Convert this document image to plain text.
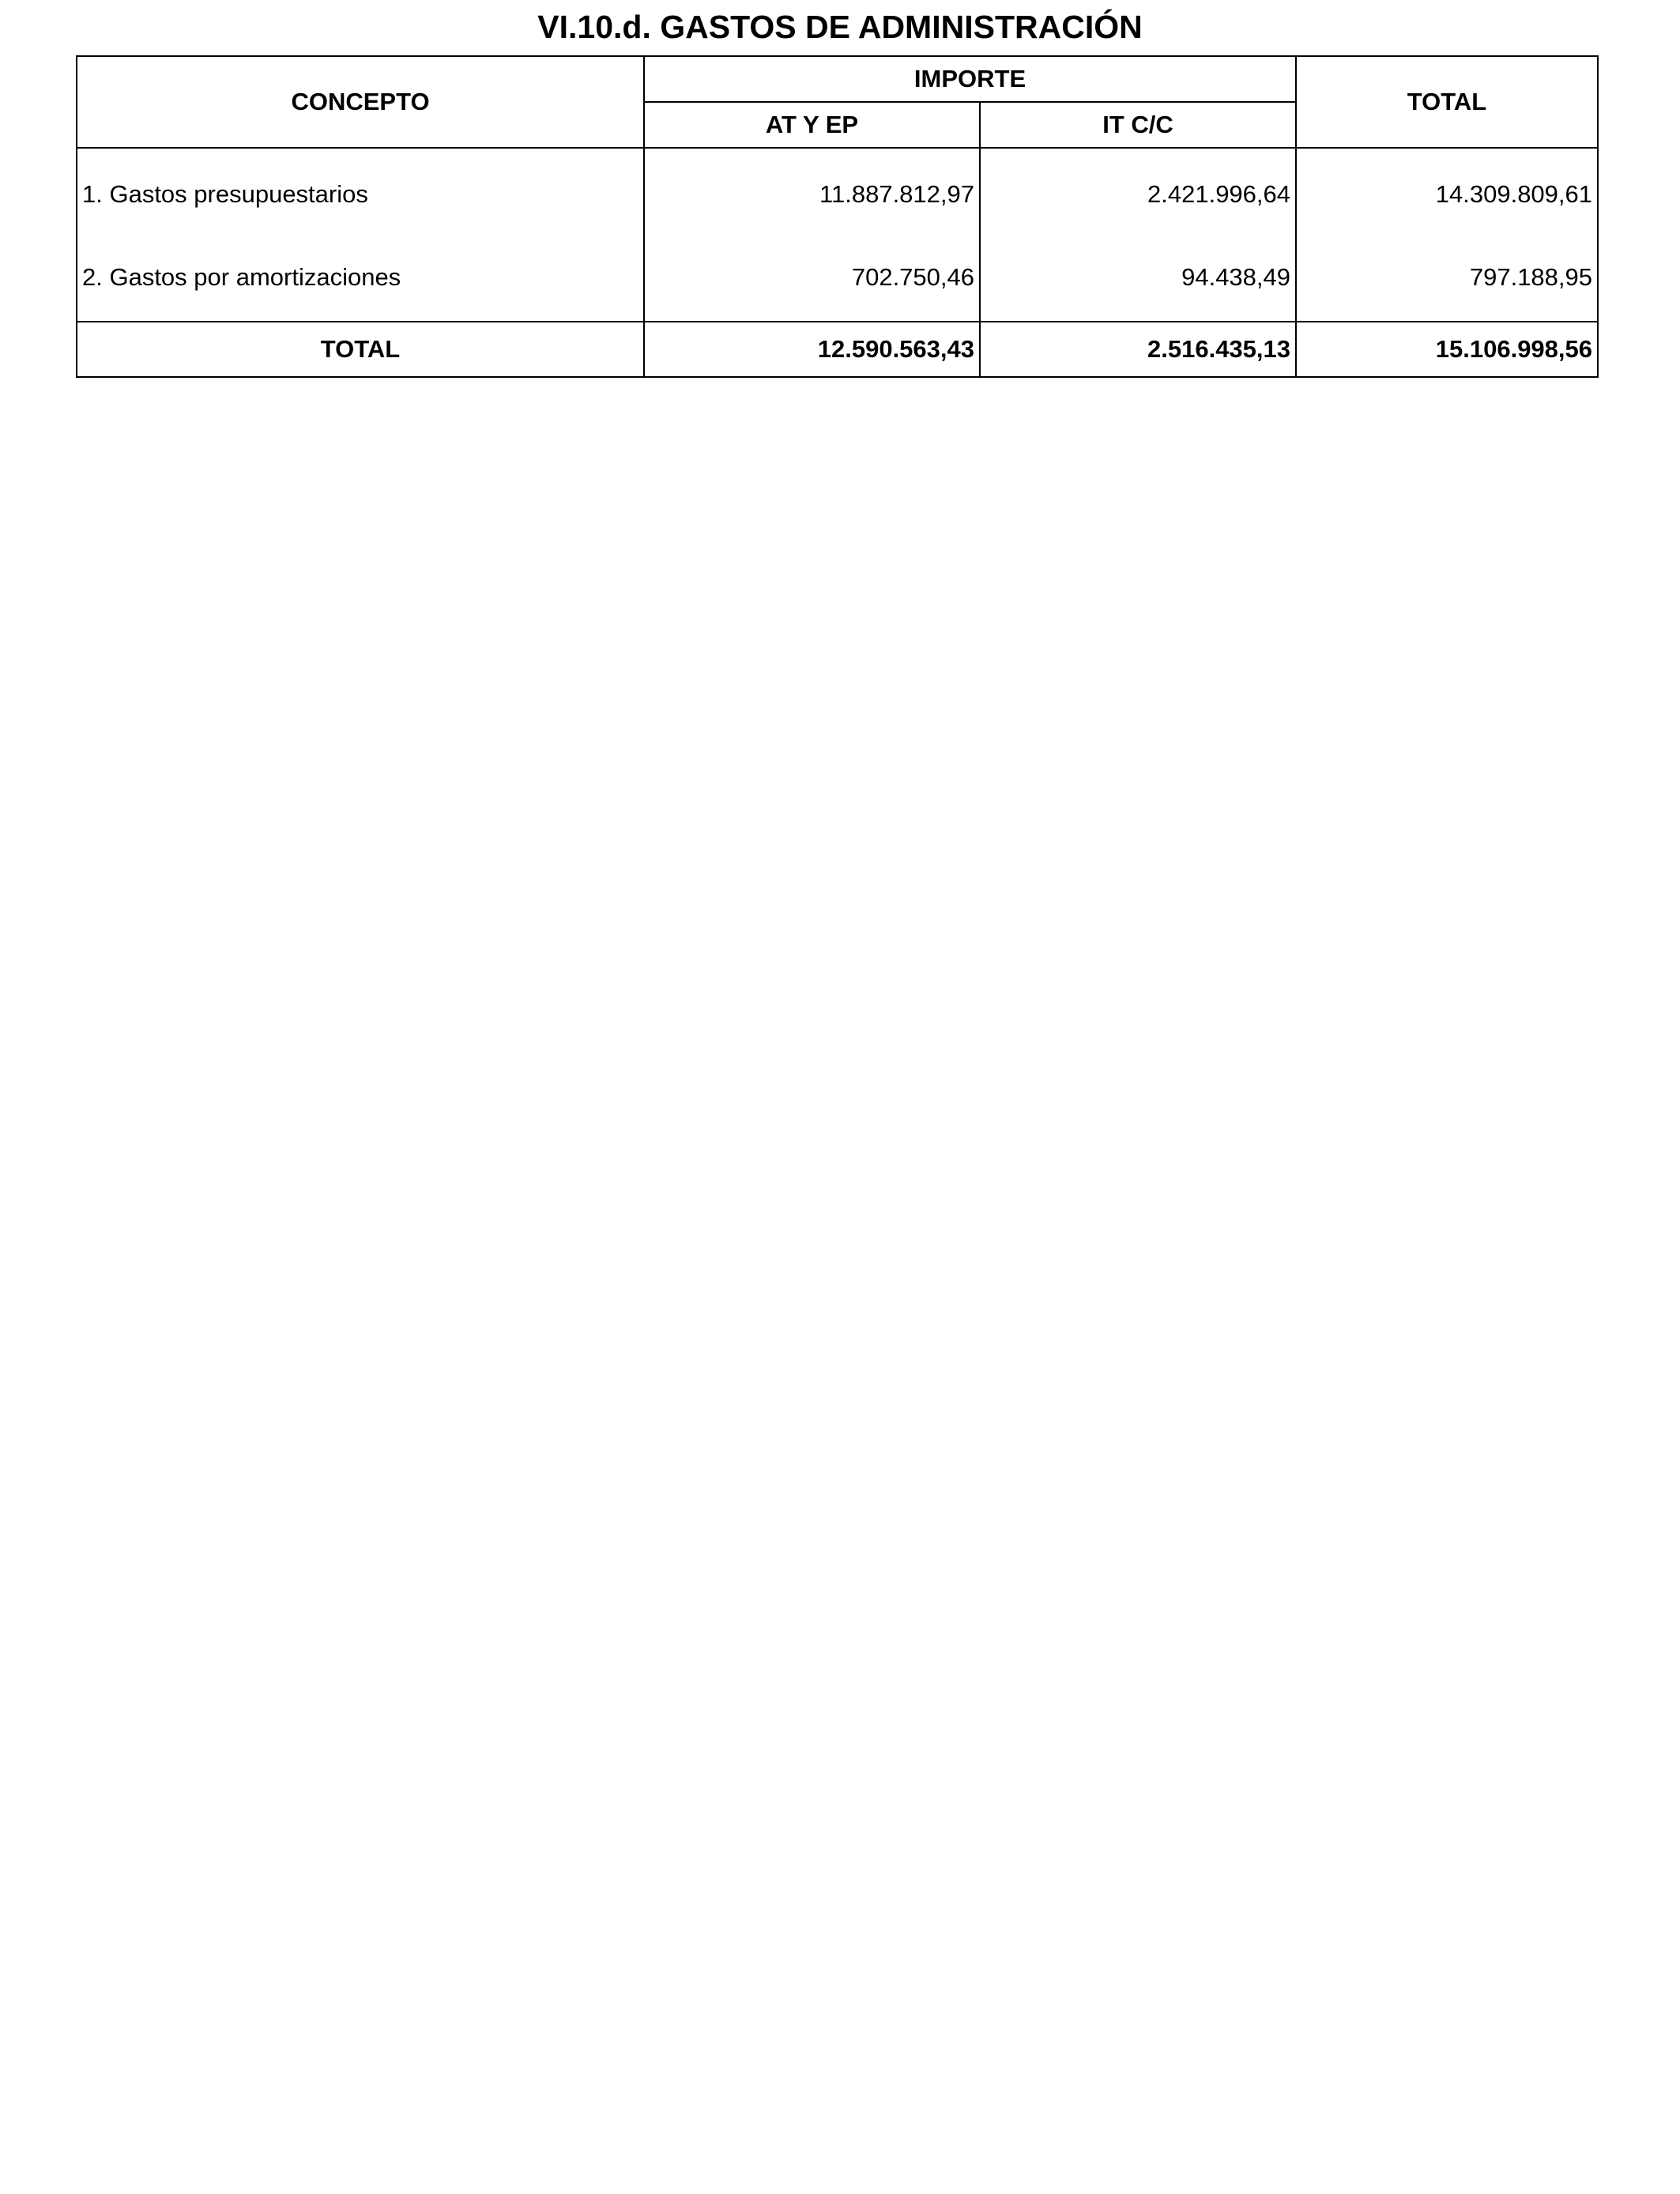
VI.10.d. GASTOS DE ADMINISTRACIÓN
CONCEPTO	IMPORTE		TOTAL
	AT Y EP	IT C/C	
1. Gastos presupuestarios	11.887.812,97	2.421.996,64	14.309.809,61
2. Gastos por amortizaciones	702.750,46	94.438,49	797.188,95
TOTAL	12.590.563,43	2.516.435,13	15.106.998,56
